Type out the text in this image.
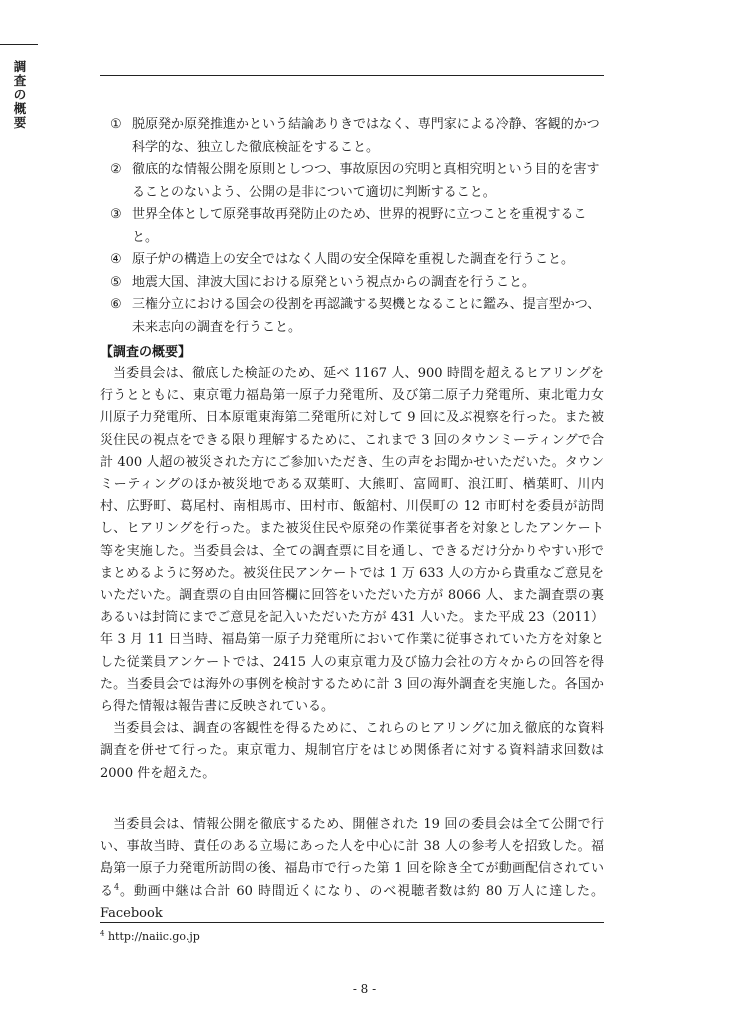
調
査
の
概
要	① 脱原発か原発推進かという結論ありきではなく、専門家による冷静、客観的かつ科学的な、独立した徹底検証をすること。
② 徹底的な情報公開を原則としつつ、事故原因の究明と真相究明という目的を害することのないよう、公開の是非について適切に判断すること。
③ 世界全体として原発事故再発防止のため、世界的視野に立つことを重視すること。
④ 原子炉の構造上の安全ではなく人間の安全保障を重視した調査を行うこと。
⑤ 地震大国、津波大国における原発という視点からの調査を行うこと。
⑥ 三権分立における国会の役割を再認識する契機となることに鑑み、提言型かつ、未来志向の調査を行うこと。
【調査の概要】

当委員会は、徹底した検証のため、延べ 1167 人、900 時間を超えるヒアリングを行うとともに、東京電力福島第一原子力発電所、及び第二原子力発電所、東北電力女川原子力発電所、日本原電東海第二発電所に対して 9 回に及ぶ視察を行った。また被災住民の視点をできる限り理解するために、これまで 3 回のタウンミーティングで合計 400 人超の被災された方にご参加いただき、生の声をお聞かせいただいた。タウンミーティングのほか被災地である双葉町、大熊町、富岡町、浪江町、楢葉町、川内村、広野町、葛尾村、南相馬市、田村市、飯舘村、川俣町の 12 市町村を委員が訪問し、ヒアリングを行った。また被災住民や原発の作業従事者を対象としたアンケート等を実施した。当委員会は、全ての調査票に目を通し、できるだけ分かりやすい形でまとめるように努めた。被災住民アンケートでは 1 万 633 人の方から貴重なご意見をいただいた。調査票の自由回答欄に回答をいただいた方が 8066 人、また調査票の裏あるいは封筒にまでご意見を記入いただいた方が 431 人いた。また平成 23（2011）年 3 月 11 日当時、福島第一原子力発電所において作業に従事されていた方を対象とした従業員アンケートでは、2415 人の東京電力及び協力会社の方々からの回答を得た。当委員会では海外の事例を検討するために計 3 回の海外調査を実施した。各国から得た情報は報告書に反映されている。

当委員会は、調査の客観性を得るために、これらのヒアリングに加え徹底的な資料調査を併せて行った。東京電力、規制官庁をはじめ関係者に対する資料請求回数は 2000 件を超えた。

当委員会は、情報公開を徹底するため、開催された 19 回の委員会は全て公開で行い、事故当時、責任のある立場にあった人を中心に計 38 人の参考人を招致した。福島第一原子力発電所訪問の後、福島市で行った第 1 回を除き全てが動画配信されている$^4$。動画中継は合計 60 時間近くになり、のべ視聴者数は約 80 万人に達した。Facebook

$^4$ http://naiic.go.jp
- 8 -
